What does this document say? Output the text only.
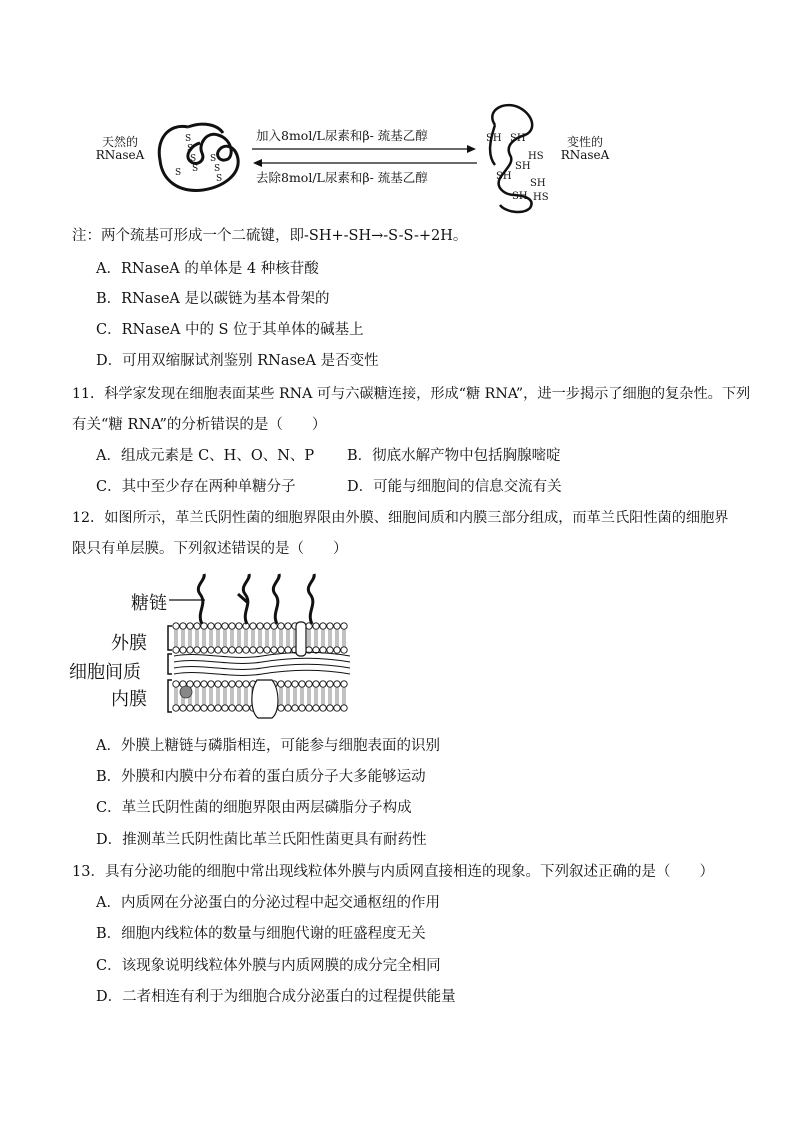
天然的
RNaseA
S
S
S
S
S
S
S
S
加入8mol/L尿素和β- 巯基乙醇
去除8mol/L尿素和β- 巯基乙醇
SH SH
HS
SH
SH
SH
SH HS
变性的
RNaseA
注：两个巯基可形成一个二硫键，即-SH+-SH→-S-S-+2H。
A．RNaseA 的单体是 4 种核苷酸
B．RNaseA 是以碳链为基本骨架的
C．RNaseA 中的 S 位于其单体的碱基上
D．可用双缩脲试剂鉴别 RNaseA 是否变性
11．科学家发现在细胞表面某些 RNA 可与六碳糖连接，形成“糖 RNA”，进一步揭示了细胞的复杂性。下列
有关“糖 RNA”的分析错误的是（　　）
A．组成元素是 C、H、O、N、P B．彻底水解产物中包括胸腺嘧啶
C．其中至少存在两种单糖分子	D．可能与细胞间的信息交流有关
12．如图所示，革兰氏阴性菌的细胞界限由外膜、细胞间质和内膜三部分组成，而革兰氏阳性菌的细胞界
限只有单层膜。下列叙述错误的是（　　）
糖链
外膜
细胞间质
内膜
A．外膜上糖链与磷脂相连，可能参与细胞表面的识别
B．外膜和内膜中分布着的蛋白质分子大多能够运动
C．革兰氏阴性菌的细胞界限由两层磷脂分子构成
D．推测革兰氏阴性菌比革兰氏阳性菌更具有耐药性
13．具有分泌功能的细胞中常出现线粒体外膜与内质网直接相连的现象。下列叙述正确的是（　　）
A．内质网在分泌蛋白的分泌过程中起交通枢纽的作用
B．细胞内线粒体的数量与细胞代谢的旺盛程度无关
C．该现象说明线粒体外膜与内质网膜的成分完全相同
D．二者相连有利于为细胞合成分泌蛋白的过程提供能量
